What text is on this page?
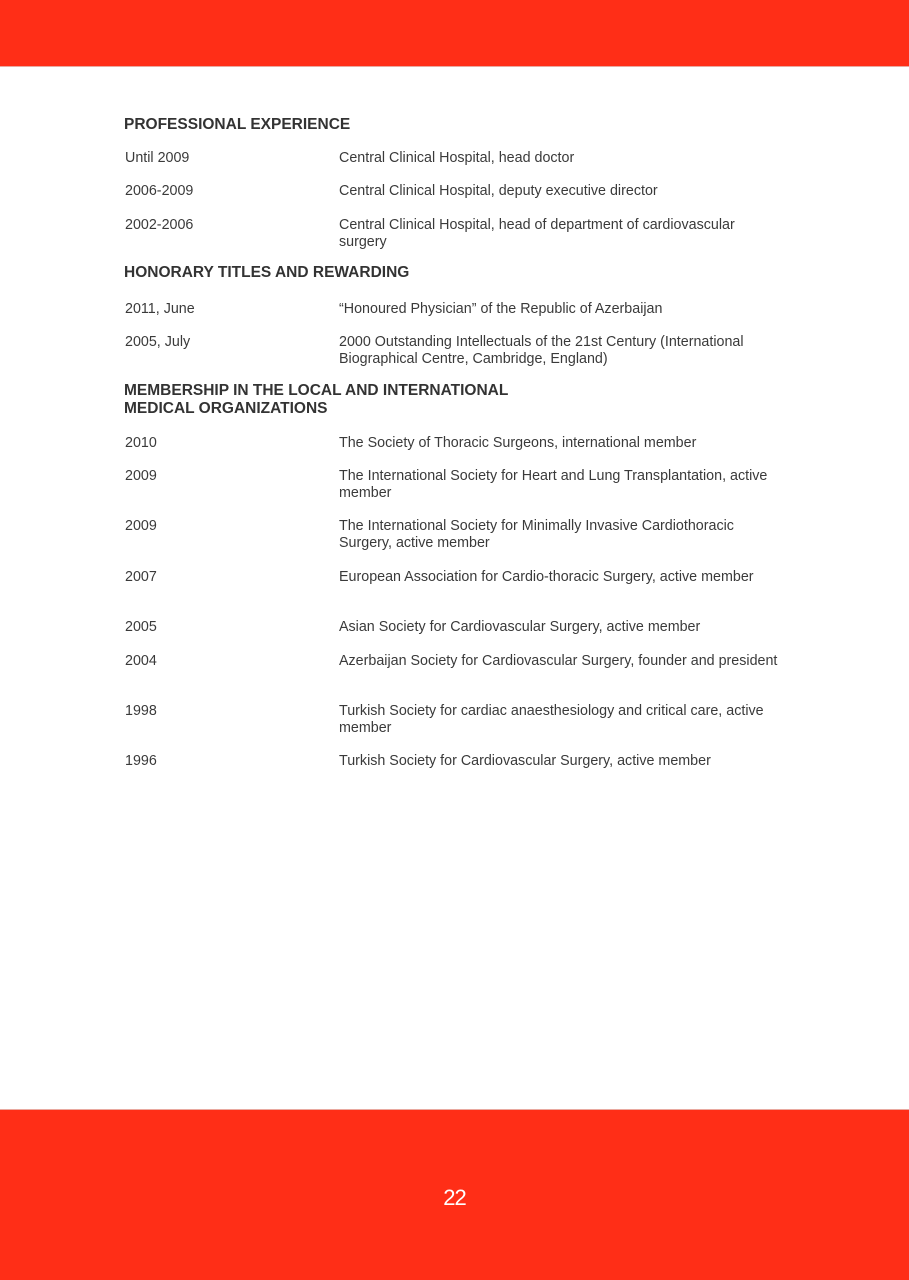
PROFESSIONAL EXPERIENCE
Until 2009	Central Clinical Hospital, head doctor
2006-2009	Central Clinical Hospital, deputy executive director
2002-2006	Central Clinical Hospital, head of department of cardiovascular surgery
HONORARY TITLES AND REWARDING
2011, June	“Honoured Physician” of the Republic of Azerbaijan
2005, July	2000 Outstanding Intellectuals of the 21st Century (International Biographical Centre, Cambridge, England)
MEMBERSHIP IN THE LOCAL AND INTERNATIONAL MEDICAL ORGANIZATIONS
2010	The Society of Thoracic Surgeons, international member
2009	The International Society for Heart and Lung Transplantation, active member
2009	The International Society for Minimally Invasive Cardiothoracic Surgery, active member
2007	European Association for Cardio-thoracic Surgery, active member
2005	Asian Society for Cardiovascular Surgery, active member
2004	Azerbaijan Society for Cardiovascular Surgery, founder and president
1998	Turkish Society for cardiac anaesthesiology and critical care, active member
1996	Turkish Society for Cardiovascular Surgery, active member
22
